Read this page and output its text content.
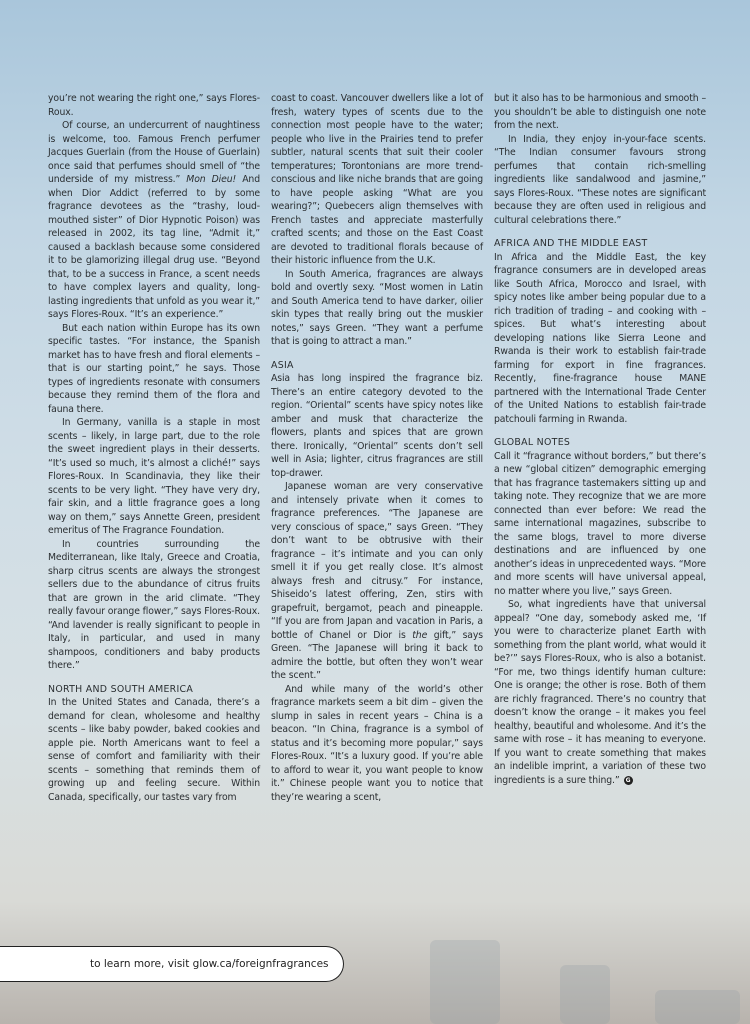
you’re not wearing the right one,” says Flores-Roux.

Of course, an undercurrent of naughtiness is welcome, too. Famous French perfumer Jacques Guerlain (from the House of Guerlain) once said that perfumes should smell of “the underside of my mistress.” Mon Dieu! And when Dior Addict (referred to by some fragrance devotees as the “trashy, loud-mouthed sister” of Dior Hypnotic Poison) was released in 2002, its tag line, “Admit it,” caused a backlash because some considered it to be glamorizing illegal drug use. “Beyond that, to be a success in France, a scent needs to have complex layers and quality, long-lasting ingredients that unfold as you wear it,” says Flores-Roux. “It’s an experience.”

But each nation within Europe has its own specific tastes. “For instance, the Spanish market has to have fresh and floral elements – that is our starting point,” he says. Those types of ingredients resonate with consumers because they remind them of the flora and fauna there.

In Germany, vanilla is a staple in most scents – likely, in large part, due to the role the sweet ingredient plays in their desserts. “It’s used so much, it’s almost a cliché!” says Flores-Roux. In Scandinavia, they like their scents to be very light. “They have very dry, fair skin, and a little fragrance goes a long way on them,” says Annette Green, president emeritus of The Fragrance Foundation.

In countries surrounding the Mediterranean, like Italy, Greece and Croatia, sharp citrus scents are always the strongest sellers due to the abundance of citrus fruits that are grown in the arid climate. “They really favour orange flower,” says Flores-Roux. “And lavender is really significant to people in Italy, in particular, and used in many shampoos, conditioners and baby products there.”

NORTH AND SOUTH AMERICA

In the United States and Canada, there’s a demand for clean, wholesome and healthy scents – like baby powder, baked cookies and apple pie. North Americans want to feel a sense of comfort and familiarity with their scents – something that reminds them of growing up and feeling secure. Within Canada, specifically, our tastes vary from

coast to coast. Vancouver dwellers like a lot of fresh, watery types of scents due to the connection most people have to the water; people who live in the Prairies tend to prefer subtler, natural scents that suit their cooler temperatures; Torontonians are more trend-conscious and like niche brands that are going to have people asking “What are you wearing?”; Quebecers align themselves with French tastes and appreciate masterfully crafted scents; and those on the East Coast are devoted to traditional florals because of their historic influence from the U.K.

In South America, fragrances are always bold and overtly sexy. “Most women in Latin and South America tend to have darker, oilier skin types that really bring out the muskier notes,” says Green. “They want a perfume that is going to attract a man.”

ASIA

Asia has long inspired the fragrance biz. There’s an entire category devoted to the region. “Oriental” scents have spicy notes like amber and musk that characterize the flowers, plants and spices that are grown there. Ironically, “Oriental” scents don’t sell well in Asia; lighter, citrus fragrances are still top-drawer.

Japanese woman are very conservative and intensely private when it comes to fragrance preferences. “The Japanese are very conscious of space,” says Green. “They don’t want to be obtrusive with their fragrance – it’s intimate and you can only smell it if you get really close. It’s almost always fresh and citrusy.” For instance, Shiseido’s latest offering, Zen, stirs with grapefruit, bergamot, peach and pineapple. “If you are from Japan and vacation in Paris, a bottle of Chanel or Dior is the gift,” says Green. “The Japanese will bring it back to admire the bottle, but often they won’t wear the scent.”

And while many of the world’s other fragrance markets seem a bit dim – given the slump in sales in recent years – China is a beacon. “In China, fragrance is a symbol of status and it’s becoming more popular,” says Flores-Roux. “It’s a luxury good. If you’re able to afford to wear it, you want people to know it.” Chinese people want you to notice that they’re wearing a scent,

but it also has to be harmonious and smooth – you shouldn’t be able to distinguish one note from the next.

In India, they enjoy in-your-face scents. “The Indian consumer favours strong perfumes that contain rich-smelling ingredients like sandalwood and jasmine,” says Flores-Roux. “These notes are significant because they are often used in religious and cultural celebrations there.”

AFRICA AND THE MIDDLE EAST

In Africa and the Middle East, the key fragrance consumers are in developed areas like South Africa, Morocco and Israel, with spicy notes like amber being popular due to a rich tradition of trading – and cooking with – spices. But what’s interesting about developing nations like Sierra Leone and Rwanda is their work to establish fair-trade farming for export in fine fragrances. Recently, fine-fragrance house MANE partnered with the International Trade Center of the United Nations to establish fair-trade patchouli farming in Rwanda.

GLOBAL NOTES

Call it “fragrance without borders,” but there’s a new “global citizen” demographic emerging that has fragrance tastemakers sitting up and taking note. They recognize that we are more connected than ever before: We read the same international magazines, subscribe to the same blogs, travel to more diverse destinations and are influenced by one another’s ideas in unprecedented ways. “More and more scents will have universal appeal, no matter where you live,” says Green.

So, what ingredients have that universal appeal? “One day, somebody asked me, ‘If you were to characterize planet Earth with something from the plant world, what would it be?’” says Flores-Roux, who is also a botanist. “For me, two things identify human culture: One is orange; the other is rose. Both of them are richly fragranced. There’s no country that doesn’t know the orange – it makes you feel healthy, beautiful and wholesome. And it’s the same with rose – it has meaning to everyone. If you want to create something that makes an indelible imprint, a variation of these two ingredients is a sure thing.” G

to learn more, visit glow.ca/foreignfragrances
